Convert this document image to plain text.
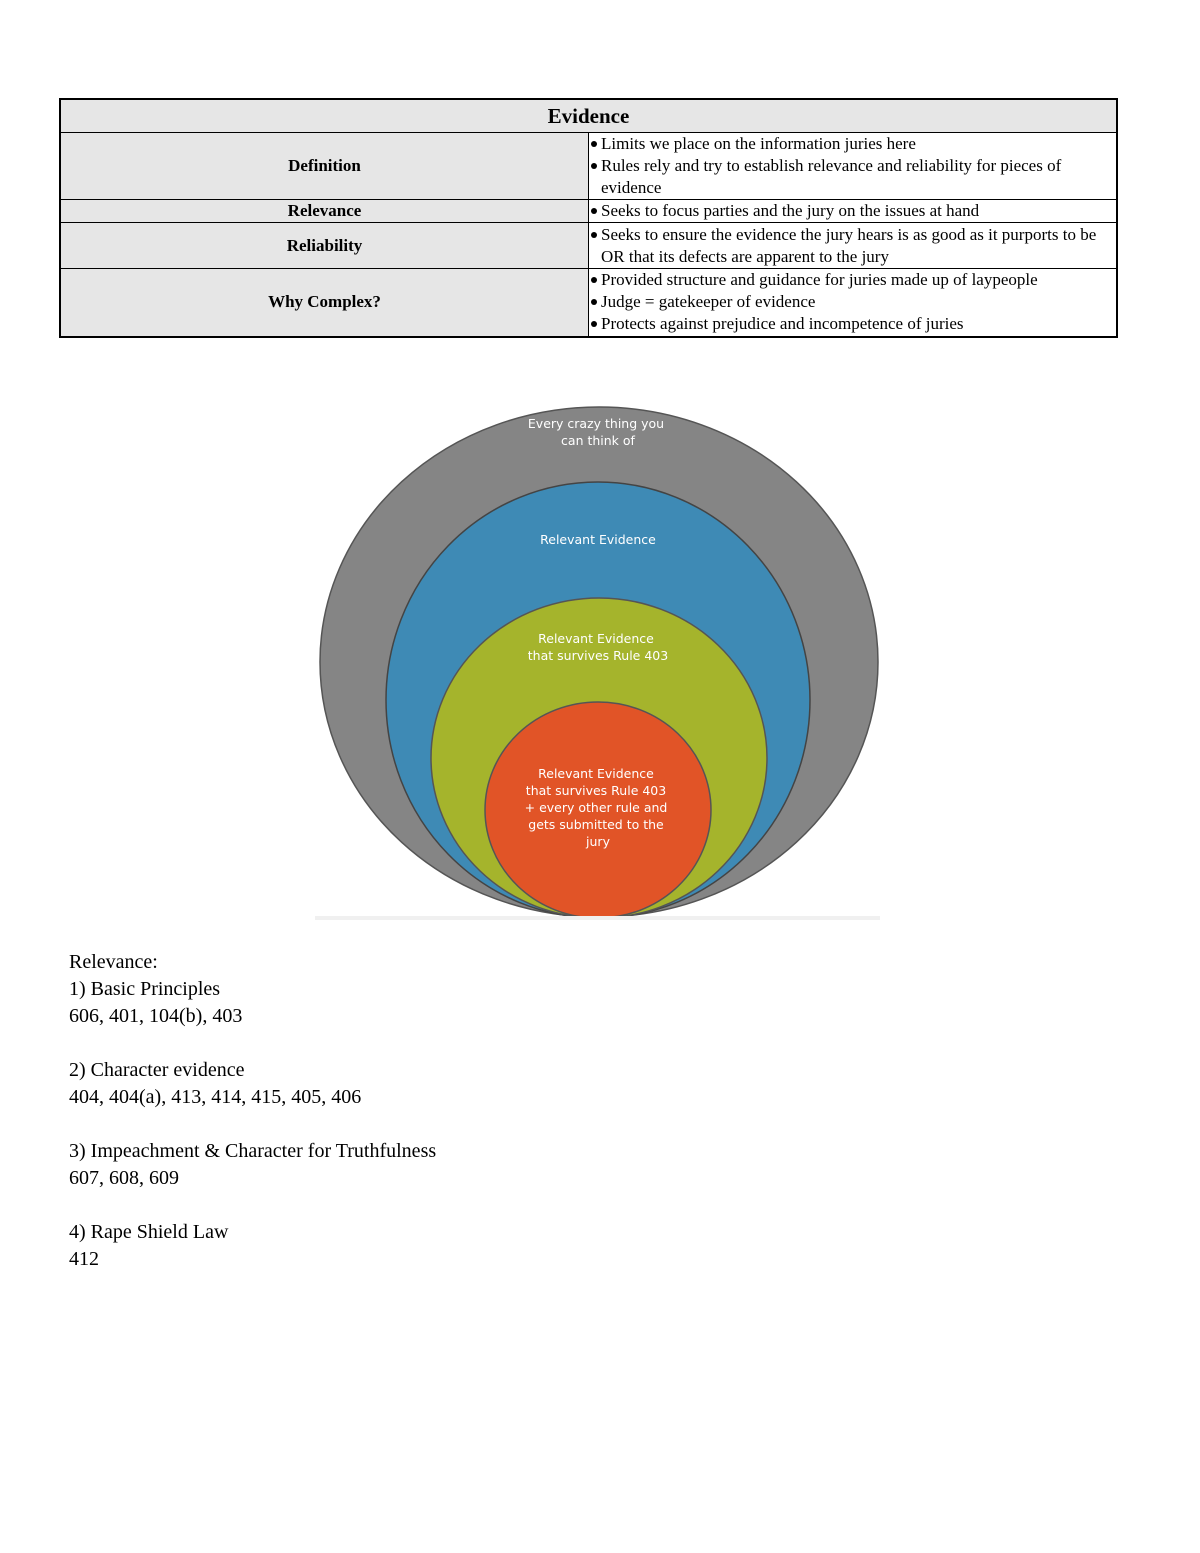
Evidence	
Definition	Limits we place on the information juries here
Rules rely and try to establish relevance and reliability for pieces of evidence

Relevance	Seeks to focus parties and the jury on the issues at hand

Reliability	Seeks to ensure the evidence the jury hears is as good as it purports to be OR that its defects are apparent to the jury

Why Complex?	Provided structure and guidance for juries made up of laypeople
Judge = gatekeeper of evidence
Protects against prejudice and incompetence of juries
Every crazy thing you can think of
Relevant Evidence
Relevant Evidence that survives Rule 403
Relevant Evidence that survives Rule 403 + every other rule and gets submitted to the jury
Relevance:
1) Basic Principles
606, 401, 104(b), 403
2) Character evidence
404, 404(a), 413, 414, 415, 405, 406
3) Impeachment & Character for Truthfulness
607, 608, 609
4) Rape Shield Law
412
